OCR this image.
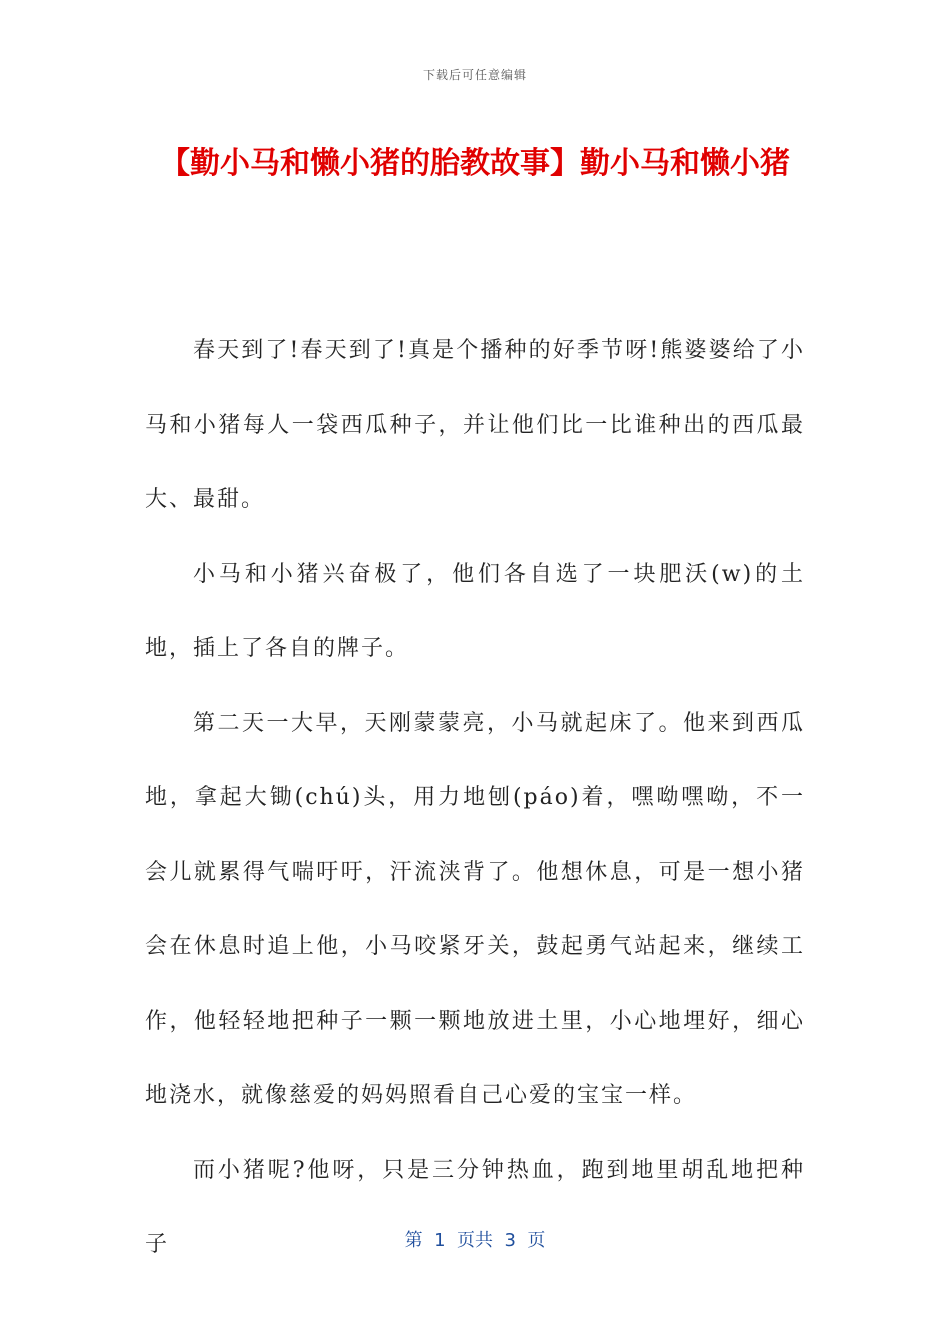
下载后可任意编辑
【勤小马和懒小猪的胎教故事】勤小马和懒小猪

春天到了!春天到了!真是个播种的好季节呀!熊婆婆给了小马和小猪每人一袋西瓜种子，并让他们比一比谁种出的西瓜最大、最甜。

小马和小猪兴奋极了，他们各自选了一块肥沃(w)的土地，插上了各自的牌子。

第二天一大早，天刚蒙蒙亮，小马就起床了。他来到西瓜地，拿起大锄(chú)头，用力地刨(páo)着，嘿呦嘿呦，不一会儿就累得气喘吁吁，汗流浃背了。他想休息，可是一想小猪会在休息时追上他，小马咬紧牙关，鼓起勇气站起来，继续工作，他轻轻地把种子一颗一颗地放进土里，小心地埋好，细心地浇水，就像慈爱的妈妈照看自己心爱的宝宝一样。

而小猪呢?他呀，只是三分钟热血，跑到地里胡乱地把种子	第  1  页共  3  页
